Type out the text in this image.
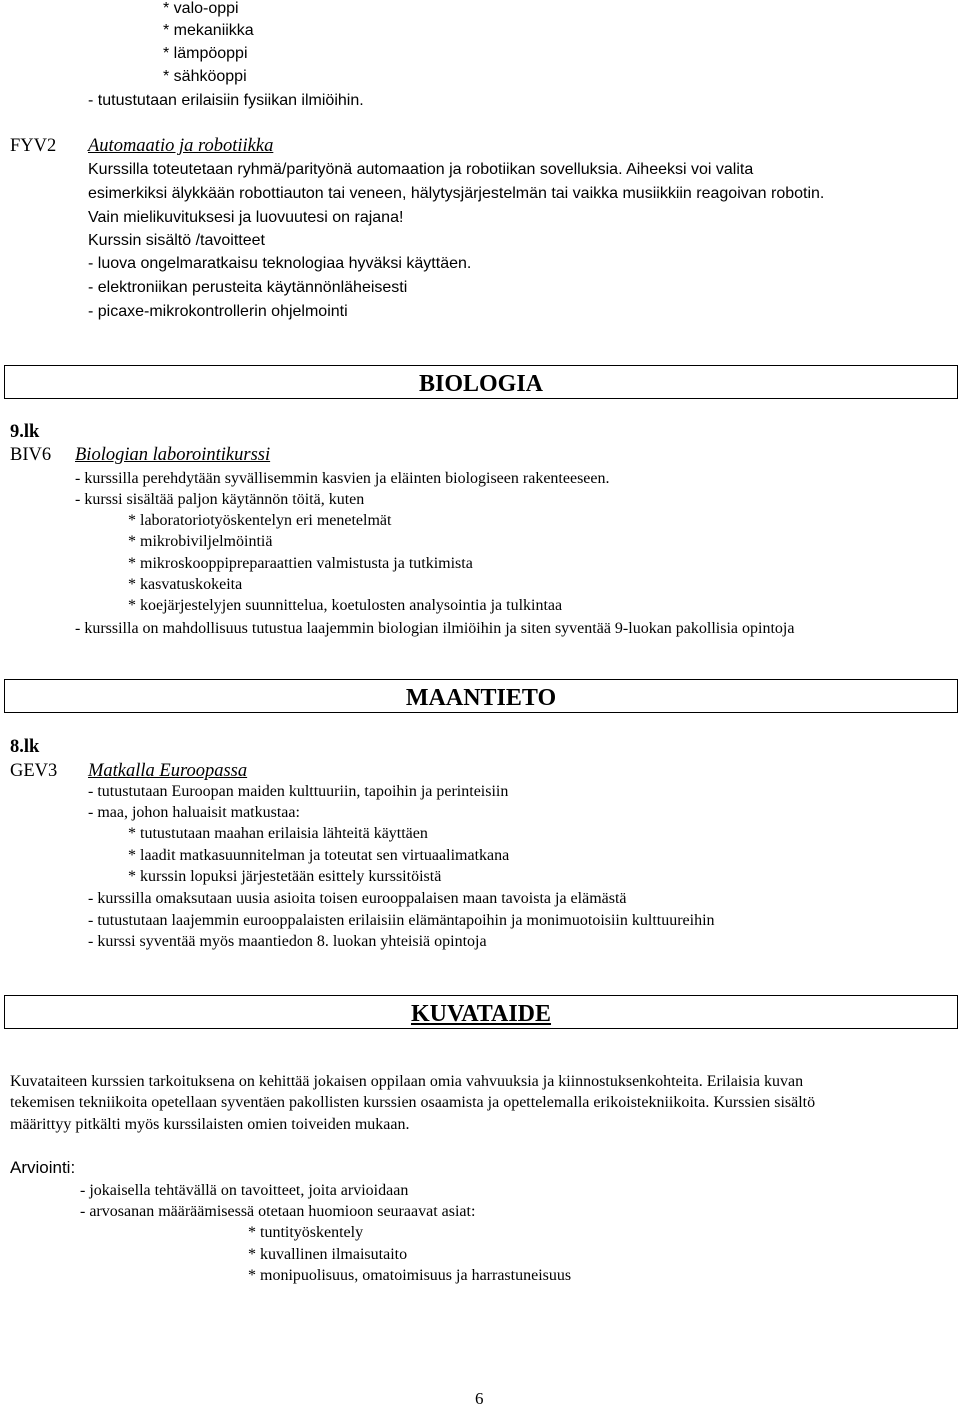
* valo-oppi
* mekaniikka
* lämpöoppi
* sähköoppi
- tutustutaan erilaisiin fysiikan ilmiöihin.
FYV2 Automaatio ja robotiikka
Kurssilla toteutetaan ryhmä/parityönä automaation ja robotiikan sovelluksia. Aiheeksi voi valita
esimerkiksi älykkään robottiauton tai veneen, hälytysjärjestelmän tai vaikka musiikkiin reagoivan robotin.
Vain mielikuvituksesi ja luovuutesi on rajana!
Kurssin sisältö /tavoitteet
- luova ongelmaratkaisu teknologiaa hyväksi käyttäen.
- elektroniikan perusteita käytännönläheisesti
- picaxe-mikrokontrollerin ohjelmointi
BIOLOGIA
9.lk
BIV6 Biologian laborointikurssi
- kurssilla perehdytään syvällisemmin kasvien ja eläinten biologiseen rakenteeseen.
- kurssi sisältää paljon käytännön töitä, kuten
* laboratoriotyöskentelyn eri menetelmät
* mikrobiviljelmöintiä
* mikroskooppipreparaattien valmistusta ja tutkimista
* kasvatuskokeita
* koejärjestelyjen suunnittelua, koetulosten analysointia ja tulkintaa
- kurssilla on mahdollisuus tutustua laajemmin biologian ilmiöihin ja siten syventää 9-luokan pakollisia opintoja
MAANTIETO
8.lk
GEV3 Matkalla Euroopassa
- tutustutaan Euroopan maiden kulttuuriin, tapoihin ja perinteisiin
- maa, johon haluaisit matkustaa:
* tutustutaan maahan erilaisia lähteitä käyttäen
* laadit matkasuunnitelman ja toteutat sen virtuaalimatkana
* kurssin lopuksi järjestetään esittely kurssitöistä
- kurssilla omaksutaan uusia asioita toisen eurooppalaisen maan tavoista ja elämästä
- tutustutaan laajemmin eurooppalaisten erilaisiin elämäntapoihin ja monimuotoisiin kulttuureihin
- kurssi syventää myös maantiedon 8. luokan yhteisiä opintoja
KUVATAIDE
Kuvataiteen kurssien tarkoituksena on kehittää jokaisen oppilaan omia vahvuuksia ja kiinnostuksenkohteita. Erilaisia kuvan
tekemisen tekniikoita opetellaan syventäen pakollisten kurssien osaamista ja opettelemalla erikoistekniikoita. Kurssien sisältö
määrittyy pitkälti myös kurssilaisten omien toiveiden mukaan.
Arviointi:
- jokaisella tehtävällä on tavoitteet, joita arvioidaan
- arvosanan määräämisessä otetaan huomioon seuraavat asiat:
* tuntityöskentely
* kuvallinen ilmaisutaito
* monipuolisuus, omatoimisuus ja harrastuneisuus
6
